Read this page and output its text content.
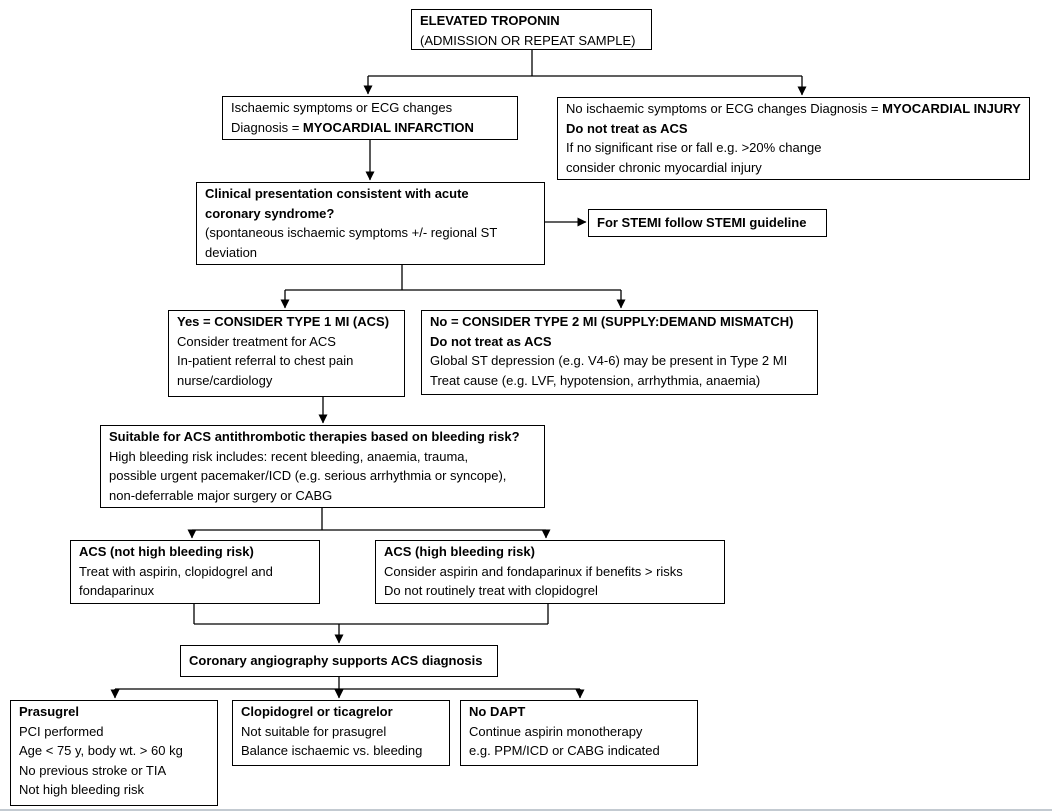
ELEVATED TROPONIN
(ADMISSION OR REPEAT SAMPLE)
Ischaemic symptoms or ECG changes
Diagnosis = MYOCARDIAL INFARCTION
No ischaemic symptoms or ECG changes Diagnosis = MYOCARDIAL INJURY
Do not treat as ACS
If no significant rise or fall e.g. >20% change
consider chronic myocardial injury
Clinical presentation consistent with acute
coronary syndrome?
(spontaneous ischaemic symptoms +/- regional ST
deviation
For STEMI follow STEMI guideline
Yes = CONSIDER TYPE 1 MI (ACS)
Consider treatment for ACS
In-patient referral to chest pain
nurse/cardiology
No = CONSIDER TYPE 2 MI (SUPPLY:DEMAND MISMATCH)
Do not treat as ACS
Global ST depression (e.g. V4-6) may be present in Type 2 MI
Treat cause (e.g. LVF, hypotension, arrhythmia, anaemia)
Suitable for ACS antithrombotic therapies based on bleeding risk?
High bleeding risk includes: recent bleeding, anaemia, trauma,
possible urgent pacemaker/ICD (e.g. serious arrhythmia or syncope),
non-deferrable major surgery or CABG
ACS (not high bleeding risk)
Treat with aspirin, clopidogrel and
fondaparinux
ACS (high bleeding risk)
Consider aspirin and fondaparinux if benefits > risks
Do not routinely treat with clopidogrel
Coronary angiography supports ACS diagnosis
Prasugrel
PCI performed
Age < 75 y, body wt. > 60 kg
No previous stroke or TIA
Not high bleeding risk
Clopidogrel or ticagrelor
Not suitable for prasugrel
Balance ischaemic vs. bleeding
No DAPT
Continue aspirin monotherapy
e.g. PPM/ICD or CABG indicated
